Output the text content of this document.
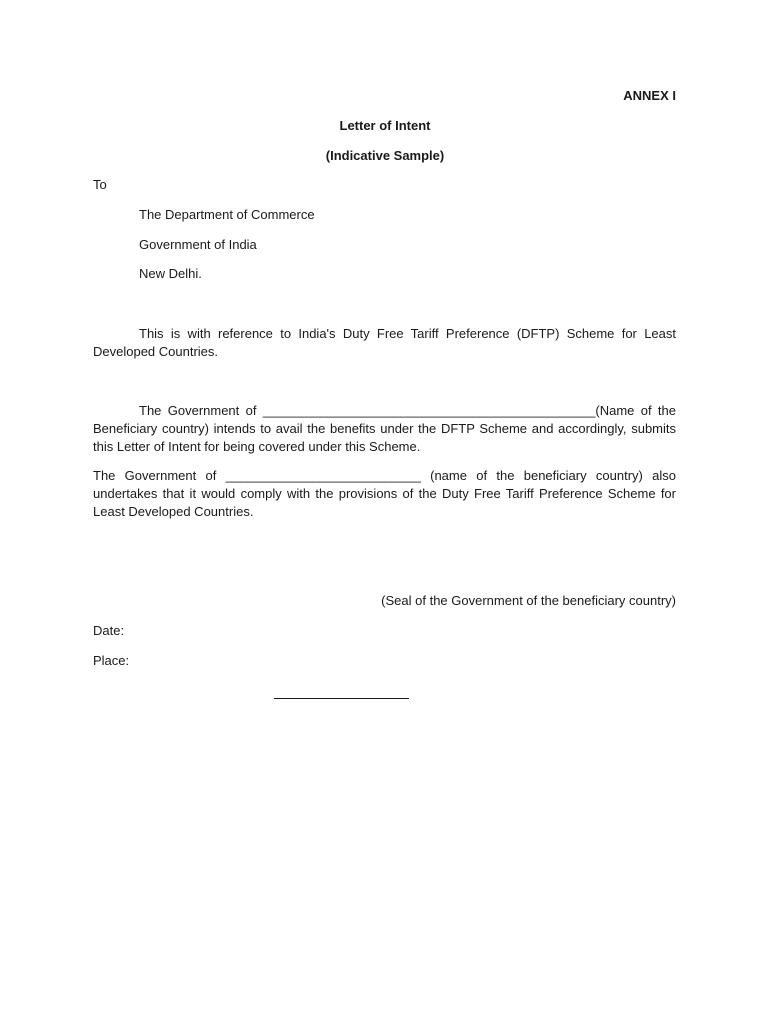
ANNEX I
Letter of Intent
(Indicative Sample)
To
The Department of Commerce
Government of India
New Delhi.
This is with reference to India's Duty Free Tariff Preference (DFTP) Scheme for Least Developed Countries.
The Government of ______________________________________________(Name of the Beneficiary country) intends to avail the benefits under the DFTP Scheme and accordingly, submits this Letter of Intent for being covered under this Scheme.
The Government of ___________________________ (name of the beneficiary country) also undertakes that it would comply with the provisions of the Duty Free Tariff Preference Scheme for Least Developed Countries.
(Seal of the Government of the beneficiary country)
Date:
Place:
